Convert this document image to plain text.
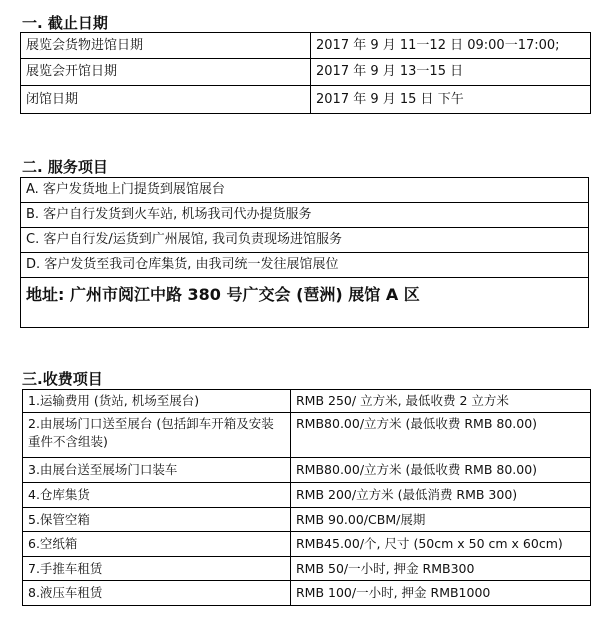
一. 截止日期
展览会货物进馆日期	2017 年 9 月 11一12 日 09:00一17:00;
展览会开馆日期	2017 年 9 月 13一15 日
闭馆日期	2017 年 9 月 15 日 下午
二. 服务项目
A. 客户发货地上门提货到展馆展台
B. 客户自行发货到火车站, 机场我司代办提货服务
C. 客户自行发/运货到广州展馆, 我司负责现场进馆服务
D. 客户发货至我司仓库集货, 由我司统一发往展馆展位
地址: 广州市阅江中路 380 号广交会 (琶洲) 展馆 A 区
三.收费项目
1.运输费用 (货站, 机场至展台)	RMB 250/ 立方米, 最低收费 2 立方米
2.由展场门口送至展台 (包括卸车开箱及安装重件不含组装)	RMB80.00/立方米 (最低收费 RMB 80.00)
3.由展台送至展场门口装车	RMB80.00/立方米 (最低收费 RMB 80.00)
4.仓库集货	RMB 200/立方米 (最低消费 RMB 300)
5.保管空箱	RMB 90.00/CBM/展期
6.空纸箱	RMB45.00/个, 尺寸 (50cm x 50 cm x 60cm)
7.手推车租赁	RMB 50/一小时, 押金 RMB300
8.液压车租赁	RMB 100/一小时, 押金 RMB1000
